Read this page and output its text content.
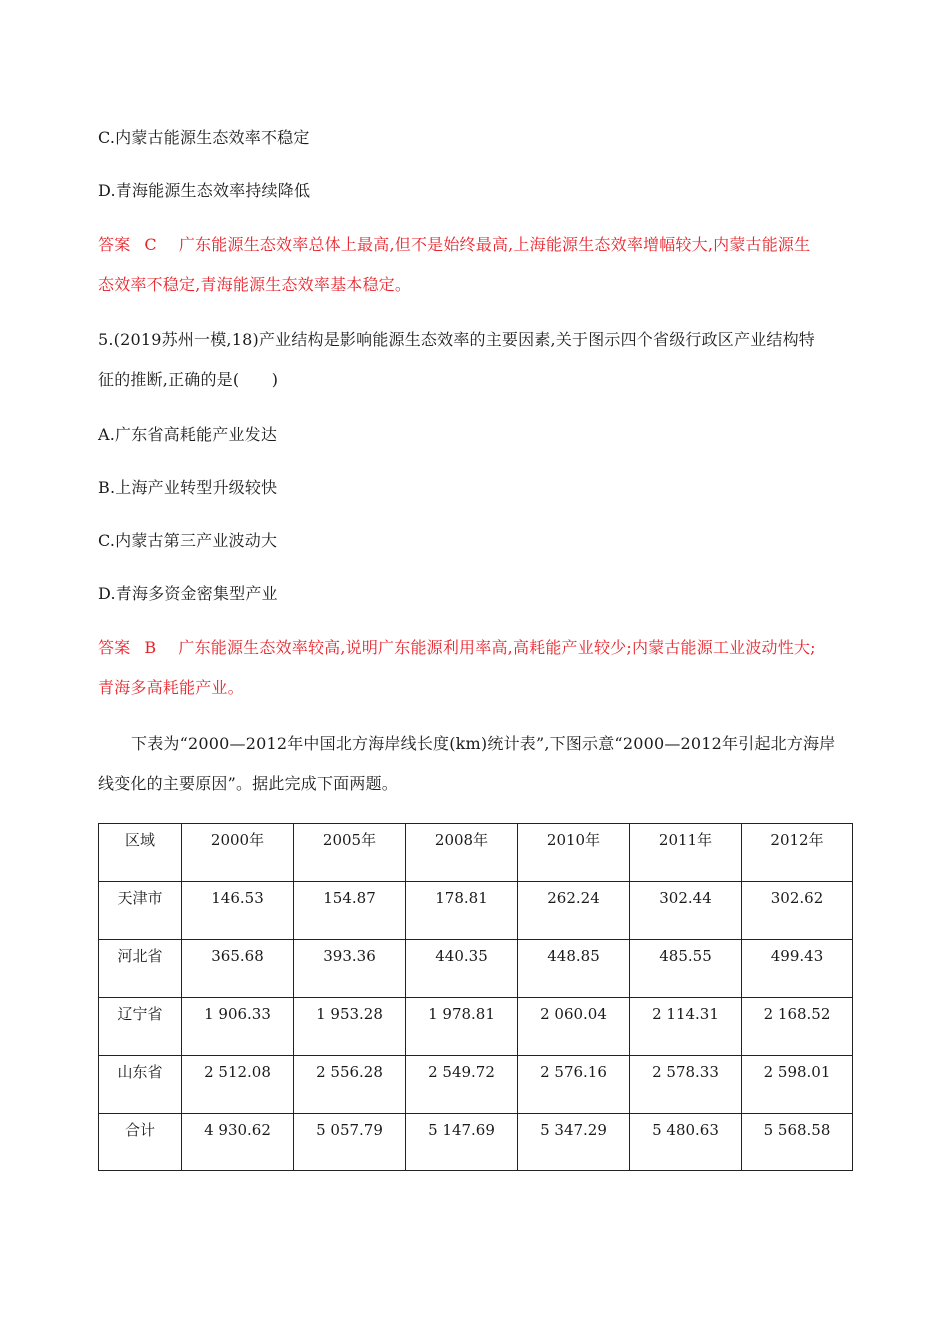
C.内蒙古能源生态效率不稳定
D.青海能源生态效率持续降低
答案 C 广东能源生态效率总体上最高,但不是始终最高,上海能源生态效率增幅较大,内蒙古能源生
态效率不稳定,青海能源生态效率基本稳定。
5.(2019苏州一模,18)产业结构是影响能源生态效率的主要因素,关于图示四个省级行政区产业结构特
征的推断,正确的是(　　)
A.广东省高耗能产业发达
B.上海产业转型升级较快
C.内蒙古第三产业波动大
D.青海多资金密集型产业
答案 B 广东能源生态效率较高,说明广东能源利用率高,高耗能产业较少;内蒙古能源工业波动性大;
青海多高耗能产业。
下表为“2000—2012年中国北方海岸线长度(km)统计表”,下图示意“2000—2012年引起北方海岸
线变化的主要原因”。据此完成下面两题。
区域	2000年	2005年	2008年	2010年	2011年	2012年
天津市	146.53	154.87	178.81	262.24	302.44	302.62
河北省	365.68	393.36	440.35	448.85	485.55	499.43
辽宁省	1 906.33	1 953.28	1 978.81	2 060.04	2 114.31	2 168.52
山东省	2 512.08	2 556.28	2 549.72	2 576.16	2 578.33	2 598.01
合计	4 930.62	5 057.79	5 147.69	5 347.29	5 480.63	5 568.58
